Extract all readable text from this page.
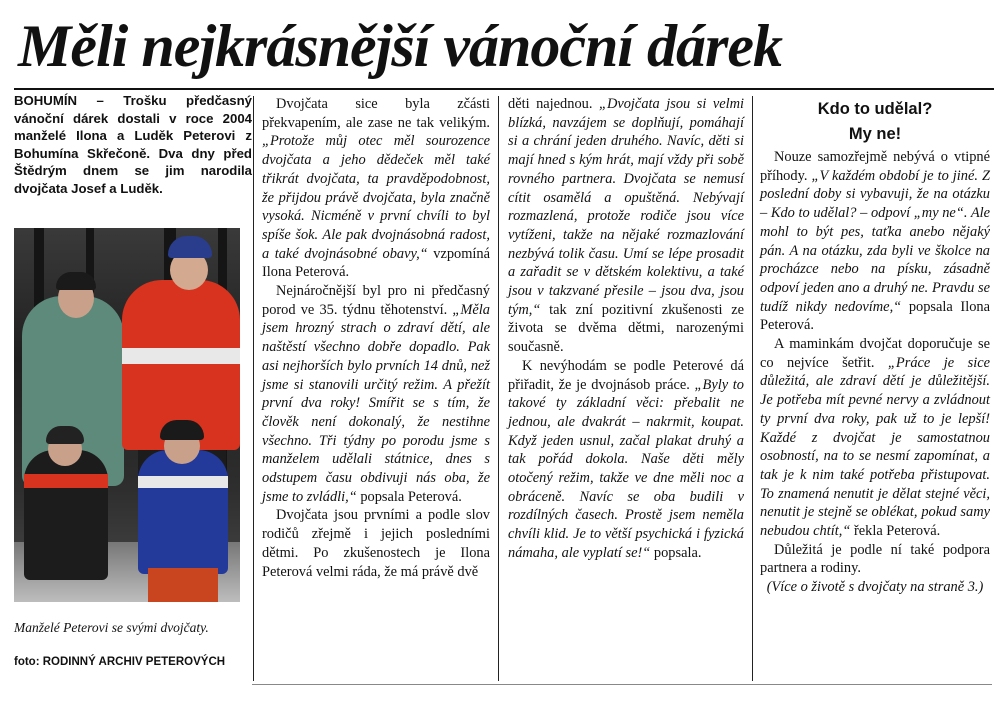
Měli nejkrásnější vánoční dárek
BOHUMÍN – Trošku předčasný vánoční dárek dostali v roce 2004 manželé Ilona a Luděk Peterovi z Bohumína Skřečoně. Dva dny před Štědrým dnem se jim narodila dvojčata Josef a Luděk.
Manželé Peterovi se svými dvojčaty.
foto: RODINNÝ ARCHIV PETEROVÝCH

Dvojčata sice byla zčásti překvapením, ale zase ne tak velikým. „Protože můj otec měl sourozence dvojčata a jeho dědeček měl také třikrát dvojčata, ta pravděpodobnost, že přijdou právě dvojčata, byla značně vysoká. Nicméně v první chvíli to byl spíše šok. Ale pak dvojnásobná radost, a také dvojnásobné obavy,“ vzpomíná Ilona Peterová.

Nejnáročnější byl pro ni předčasný porod ve 35. týdnu těhotenství. „Měla jsem hrozný strach o zdraví dětí, ale naštěstí všechno dobře dopadlo. Pak asi nejhorších bylo prvních 14 dnů, než jsme si stanovili určitý režim. A přežít první dva roky! Smířit se s tím, že člověk není dokonalý, že nestihne všechno. Tři týdny po porodu jsme s manželem udělali státnice, dnes s odstupem času obdivuji nás oba, že jsme to zvládli,“ popsala Peterová.

Dvojčata jsou prvními a podle slov rodičů zřejmě i jejich posledními dětmi. Po zkušenostech je Ilona Peterová velmi ráda, že má právě dvě

děti najednou. „Dvojčata jsou si velmi blízká, navzájem se doplňují, pomáhají si a chrání jeden druhého. Navíc, děti si mají hned s kým hrát, mají vždy při sobě rovného partnera. Dvojčata se nemusí cítit osamělá a opuštěná. Nebývají rozmazlená, protože rodiče jsou více vytíženi, takže na nějaké rozmazlování nezbývá tolik času. Umí se lépe prosadit a zařadit se v dětském kolektivu, a také jsou v takzvané přesile – jsou dva, jsou tým,“ tak zní pozitivní zkušenosti ze života se dvěma dětmi, narozenými současně.

K nevýhodám se podle Peterové dá přiřadit, že je dvojnásob práce. „Byly to takové ty základní věci: přebalit ne jednou, ale dvakrát – nakrmit, koupat. Když jeden usnul, začal plakat druhý a tak pořád dokola. Naše děti měly otočený režim, takže ve dne měli noc a obráceně. Navíc se oba budili v rozdílných časech. Prostě jsem neměla chvíli klid. Je to větší psychická i fyzická námaha, ale vyplatí se!“ popsala.

Kdo to udělal?
My ne!

Nouze samozřejmě nebývá o vtipné příhody. „V každém období je to jiné. Z poslední doby si vybavuji, že na otázku – Kdo to udělal? – odpoví „my ne“. Ale mohl to být pes, taťka anebo nějaký pán. A na otázku, zda byli ve školce na procházce nebo na písku, zásadně odpoví jeden ano a druhý ne. Pravdu se tudíž nikdy nedovíme,“ popsala Ilona Peterová.

A maminkám dvojčat doporučuje se co nejvíce šetřit. „Práce je sice důležitá, ale zdraví dětí je důležitější. Je potřeba mít pevné nervy a zvládnout ty první dva roky, pak už to je lepší! Každé z dvojčat je samostatnou osobností, na to se nesmí zapomínat, a tak je k nim také potřeba přistupovat. To znamená nenutit je dělat stejné věci, nenutit je stejně se oblékat, pokud samy nebudou chtít,“ řekla Peterová.

Důležitá je podle ní také podpora partnera a rodiny.

(Více o životě s dvojčaty na straně 3.)
